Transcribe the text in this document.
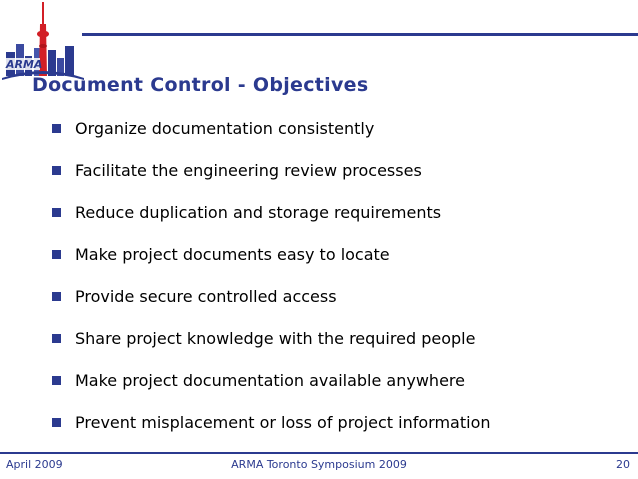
ARMA
Document Control - Objectives
Organize documentation consistently
Facilitate the engineering review processes
Reduce duplication and storage requirements
Make project documents easy to locate
Provide secure controlled access
Share project knowledge with the required people
Make project documentation available anywhere
Prevent misplacement or loss of project information
April 2009	ARMA Toronto Symposium 2009	20
